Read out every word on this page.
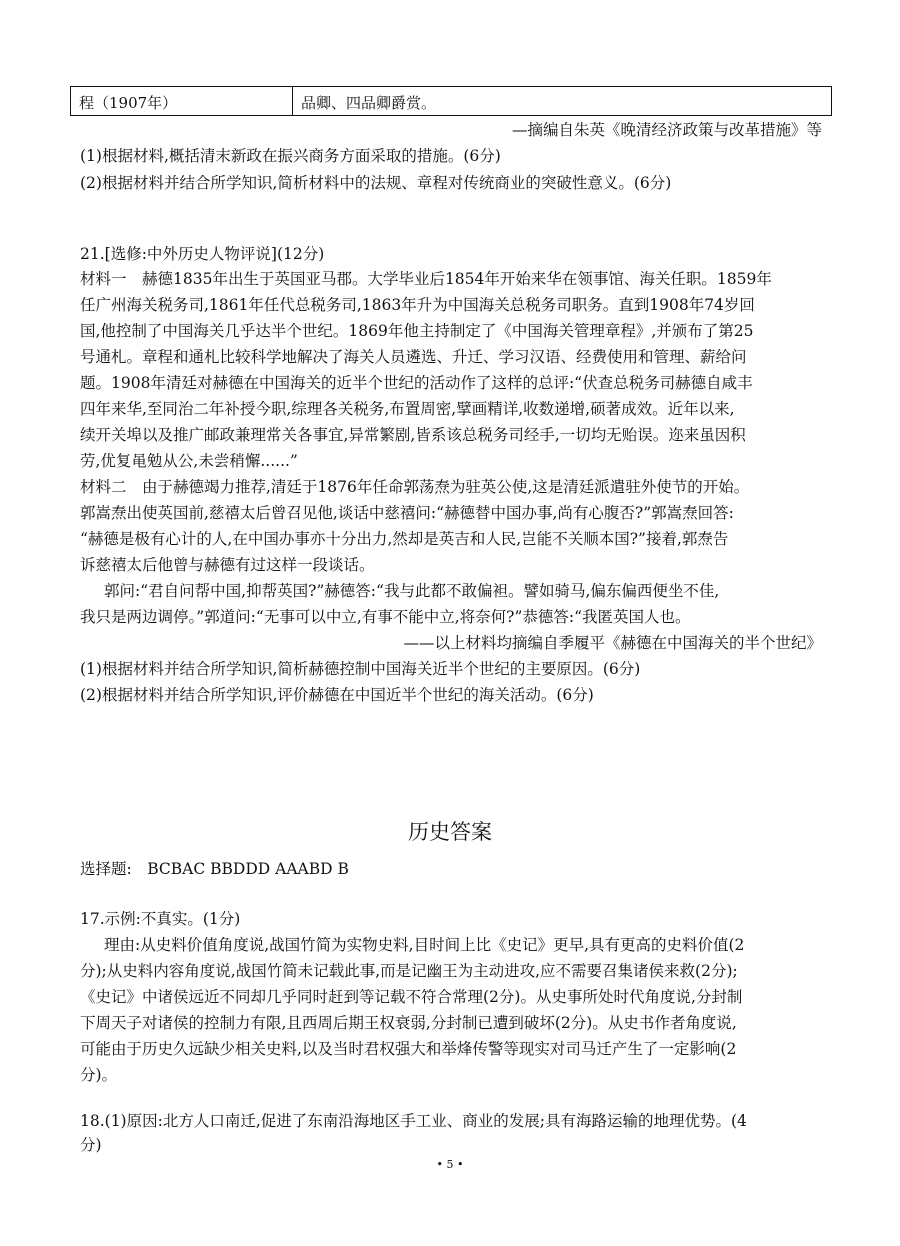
程（1907年）	品卿、四品卿爵赏。
—摘编自朱英《晚清经济政策与改革措施》等
(1)根据材料,概括清末新政在振兴商务方面采取的措施。(6分)
(2)根据材料并结合所学知识,简析材料中的法规、章程对传统商业的突破性意义。(6分)
21.[选修:中外历史人物评说](12分)
材料一　赫德1835年出生于英国亚马郡。大学毕业后1854年开始来华在领事馆、海关任职。1859年
任广州海关税务司,1861年任代总税务司,1863年升为中国海关总税务司职务。直到1908年74岁回
国,他控制了中国海关几乎达半个世纪。1869年他主持制定了《中国海关管理章程》,并颁布了第25
号通札。章程和通札比较科学地解决了海关人员遴选、升迁、学习汉语、经费使用和管理、薪给问
题。1908年清廷对赫德在中国海关的近半个世纪的活动作了这样的总评:“伏查总税务司赫德自咸丰
四年来华,至同治二年补授今职,综理各关税务,布置周密,擘画精详,收数递增,硕著成效。近年以来,
续开关埠以及推广邮政兼理常关各事宜,异常繁剧,皆系该总税务司经手,一切均无贻误。迩来虽因积
劳,优复黾勉从公,未尝稍懈......”
材料二　由于赫德竭力推荐,清廷于1876年任命郭荡焘为驻英公使,这是清廷派遣驻外使节的开始。
郭嵩焘出使英国前,慈禧太后曾召见他,谈话中慈禧问:“赫德替中国办事,尚有心腹否?”郭嵩焘回答:
“赫德是极有心计的人,在中国办事亦十分出力,然却是英吉和人民,岂能不关顺本国?”接着,郭焘告
诉慈禧太后他曾与赫德有过这样一段谈话。
郭问:“君自问帮中国,抑帮英国?”赫德答:“我与此都不敢偏袒。譬如骑马,偏东偏西便坐不佳,
我只是两边调停。”郭道问:“无事可以中立,有事不能中立,将奈何?”恭德答:“我匿英国人也。
——以上材料均摘编自季履平《赫德在中国海关的半个世纪》
(1)根据材料并结合所学知识,简析赫德控制中国海关近半个世纪的主要原因。(6分)
(2)根据材料并结合所学知识,评价赫德在中国近半个世纪的海关活动。(6分)
历史答案
选择题:　BCBAC BBDDD AAABD B
17.示例:不真实。(1分)
理由:从史料价值角度说,战国竹简为实物史料,目时间上比《史记》更早,具有更高的史料价值(2
分);从史料内容角度说,战国竹简未记载此事,而是记幽王为主动进攻,应不需要召集诸侯来救(2分);
《史记》中诸侯远近不同却几乎同时赶到等记载不符合常理(2分)。从史事所处时代角度说,分封制
下周天子对诸侯的控制力有限,且西周后期王权衰弱,分封制已遭到破坏(2分)。从史书作者角度说,
可能由于历史久远缺少相关史料,以及当时君权强大和举烽传警等现实对司马迁产生了一定影响(2
分)。
18.(1)原因:北方人口南迁,促进了东南沿海地区手工业、商业的发展;具有海路运输的地理优势。(4
分)
• 5 •
